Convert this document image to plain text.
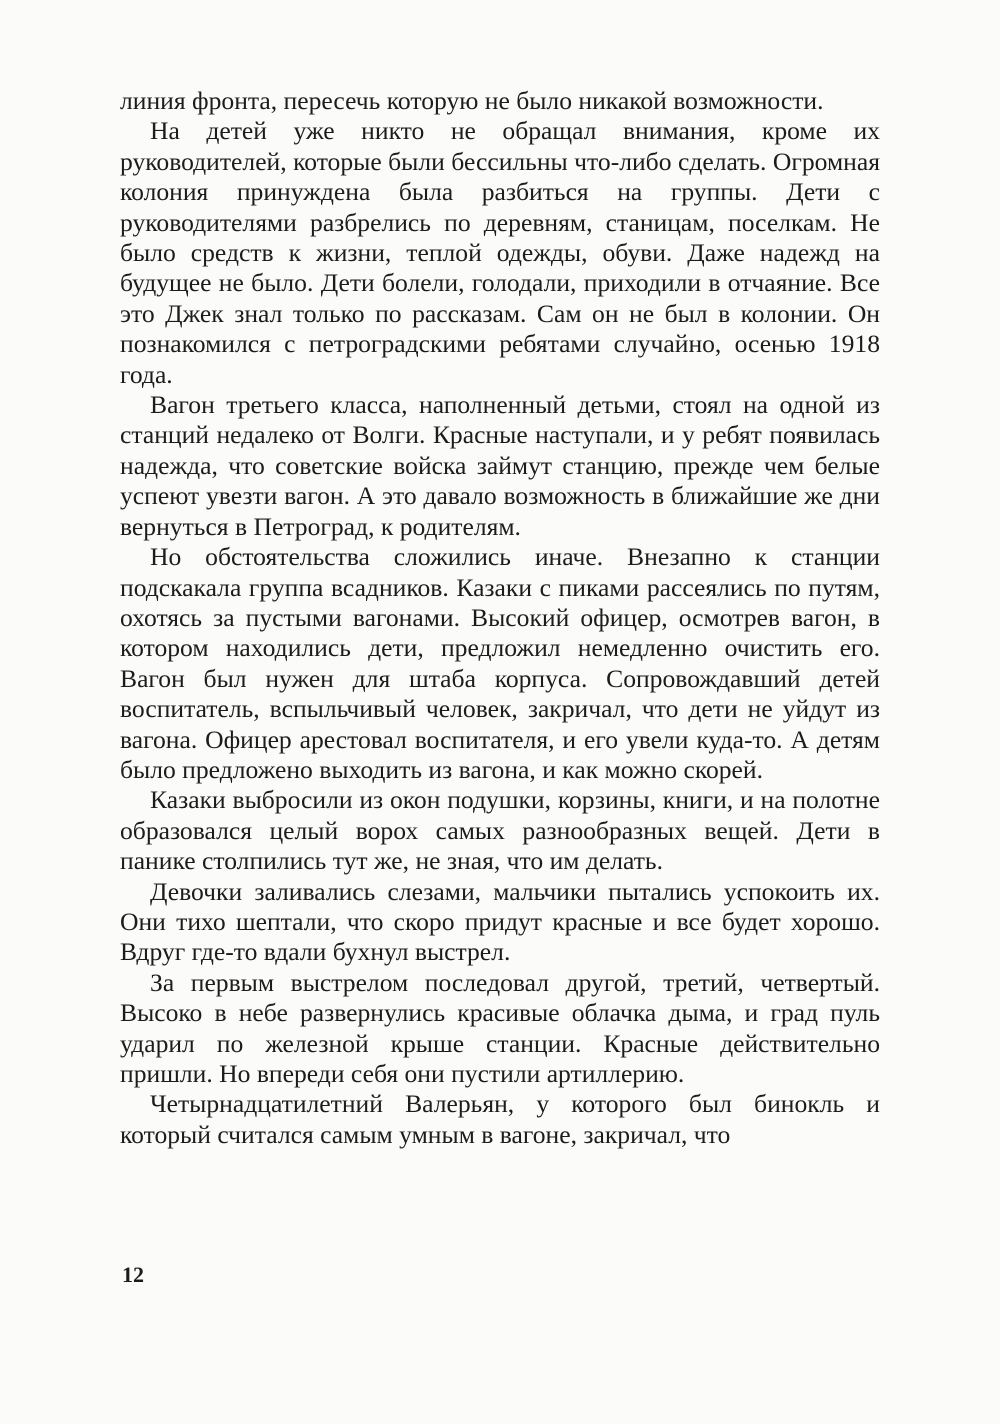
линия фронта, пересечь которую не было никакой возможности.

На детей уже никто не обращал внимания, кроме их руководителей, которые были бессильны что-либо сделать. Огромная колония принуждена была разбиться на группы. Дети с руководителями разбрелись по деревням, станицам, поселкам. Не было средств к жизни, теплой одежды, обуви. Даже надежд на будущее не было. Дети болели, голодали, приходили в отчаяние. Все это Джек знал только по рассказам. Сам он не был в колонии. Он познакомился с петроградскими ребятами случайно, осенью 1918 года.

Вагон третьего класса, наполненный детьми, стоял на одной из станций недалеко от Волги. Красные наступали, и у ребят появилась надежда, что советские войска займут станцию, прежде чем белые успеют увезти вагон. А это давало возможность в ближайшие же дни вернуться в Петроград, к родителям.

Но обстоятельства сложились иначе. Внезапно к станции подскакала группа всадников. Казаки с пиками рассеялись по путям, охотясь за пустыми вагонами. Высокий офицер, осмотрев вагон, в котором находились дети, предложил немедленно очистить его. Вагон был нужен для штаба корпуса. Сопровождавший детей воспитатель, вспыльчивый человек, закричал, что дети не уйдут из вагона. Офицер арестовал воспитателя, и его увели куда-то. А детям было предложено выходить из вагона, и как можно скорей.

Казаки выбросили из окон подушки, корзины, книги, и на полотне образовался целый ворох самых разнообразных вещей. Дети в панике столпились тут же, не зная, что им делать.

Девочки заливались слезами, мальчики пытались успокоить их. Они тихо шептали, что скоро придут красные и все будет хорошо. Вдруг где-то вдали бухнул выстрел.

За первым выстрелом последовал другой, третий, четвертый. Высоко в небе развернулись красивые облачка дыма, и град пуль ударил по железной крыше станции. Красные действительно пришли. Но впереди себя они пустили артиллерию.

Четырнадцатилетний Валерьян, у которого был бинокль и который считался самым умным в вагоне, закричал, что

12
